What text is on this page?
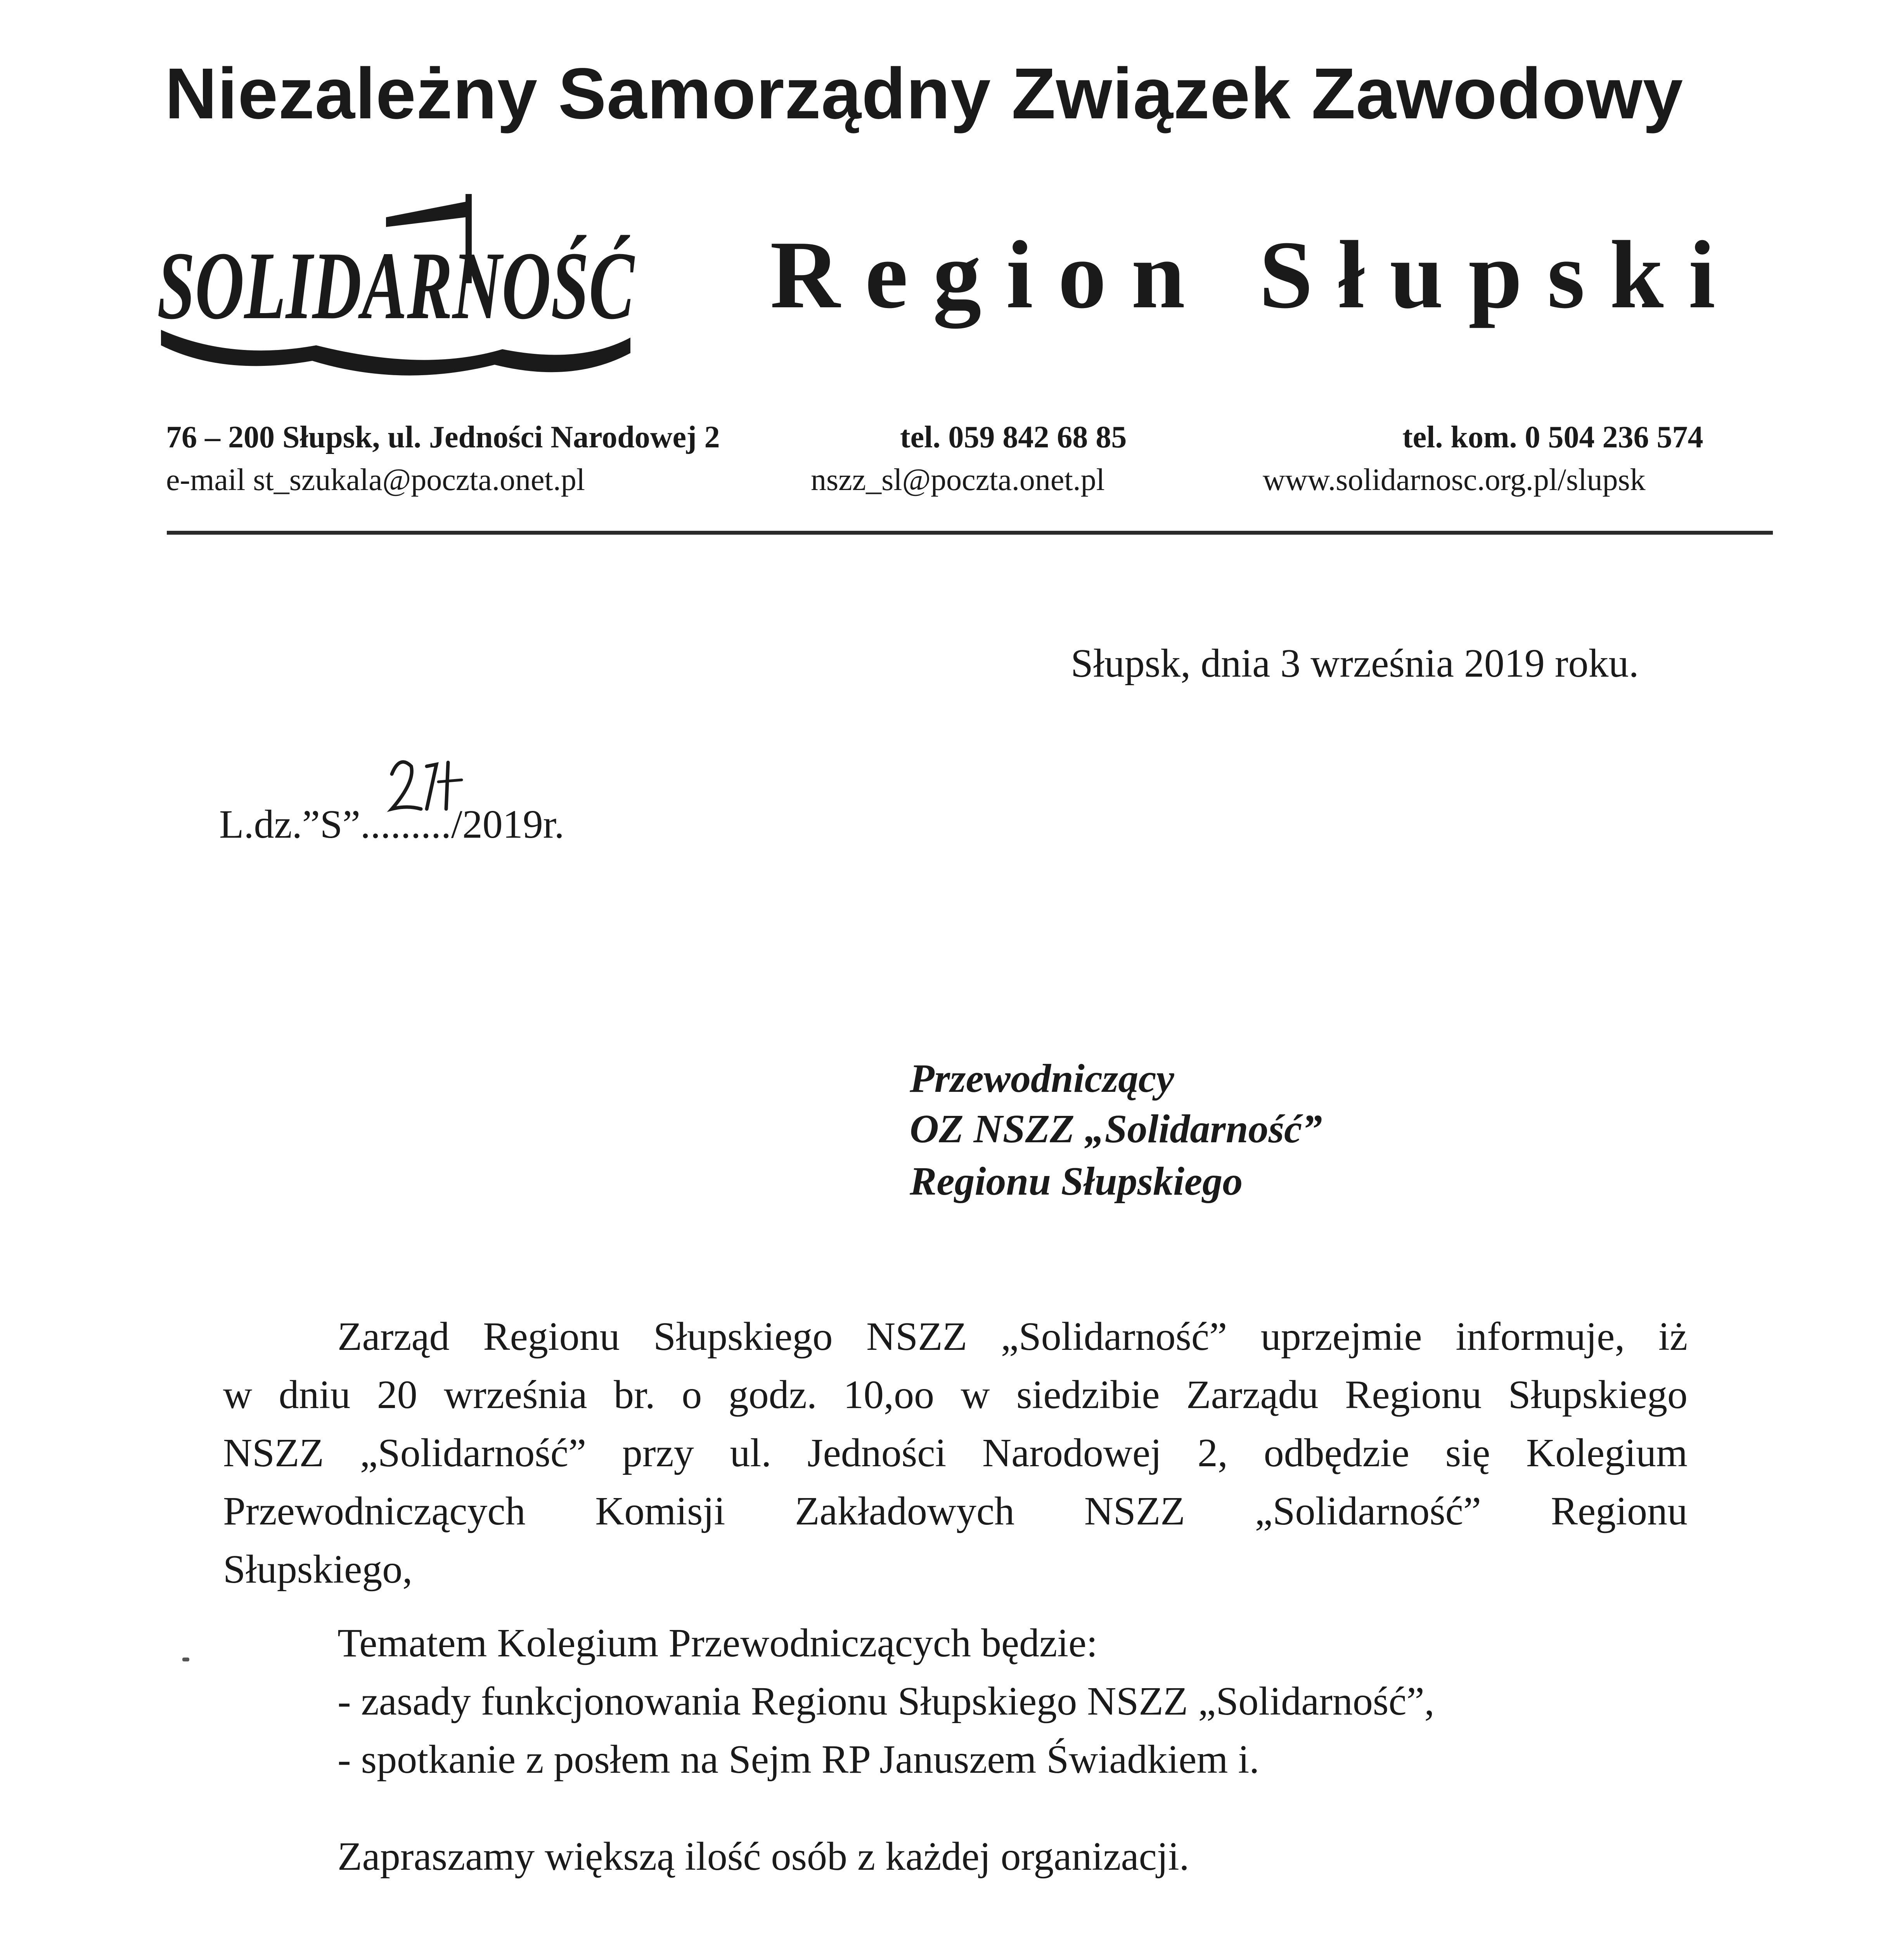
Niezależny Samorządny Związek Zawodowy
SOLIDARNOŚĆ Region Słupski
76 – 200 Słupsk, ul. Jedności Narodowej 2	tel. 059 842 68 85	tel. kom. 0 504 236 574
e-mail st_szukala@poczta.onet.pl	nszz_sl@poczta.onet.pl	www.solidarnosc.org.pl/slupsk
Słupsk, dnia 3 września 2019 roku.
L.dz.”S”........./2019r.
Przewodniczący
OZ NSZZ „Solidarność”
Regionu Słupskiego
Zarząd Regionu Słupskiego NSZZ „Solidarność” uprzejmie informuje, iż
w dniu 20 września br. o godz. 10,oo w siedzibie Zarządu Regionu Słupskiego
NSZZ „Solidarność” przy ul. Jedności Narodowej 2, odbędzie się Kolegium
Przewodniczących Komisji Zakładowych NSZZ „Solidarność” Regionu
Słupskiego,
Tematem Kolegium Przewodniczących będzie:
- zasady funkcjonowania Regionu Słupskiego NSZZ „Solidarność”,
- spotkanie z posłem na Sejm RP Januszem Świadkiem i.
Zapraszamy większą ilość osób z każdej organizacji.
